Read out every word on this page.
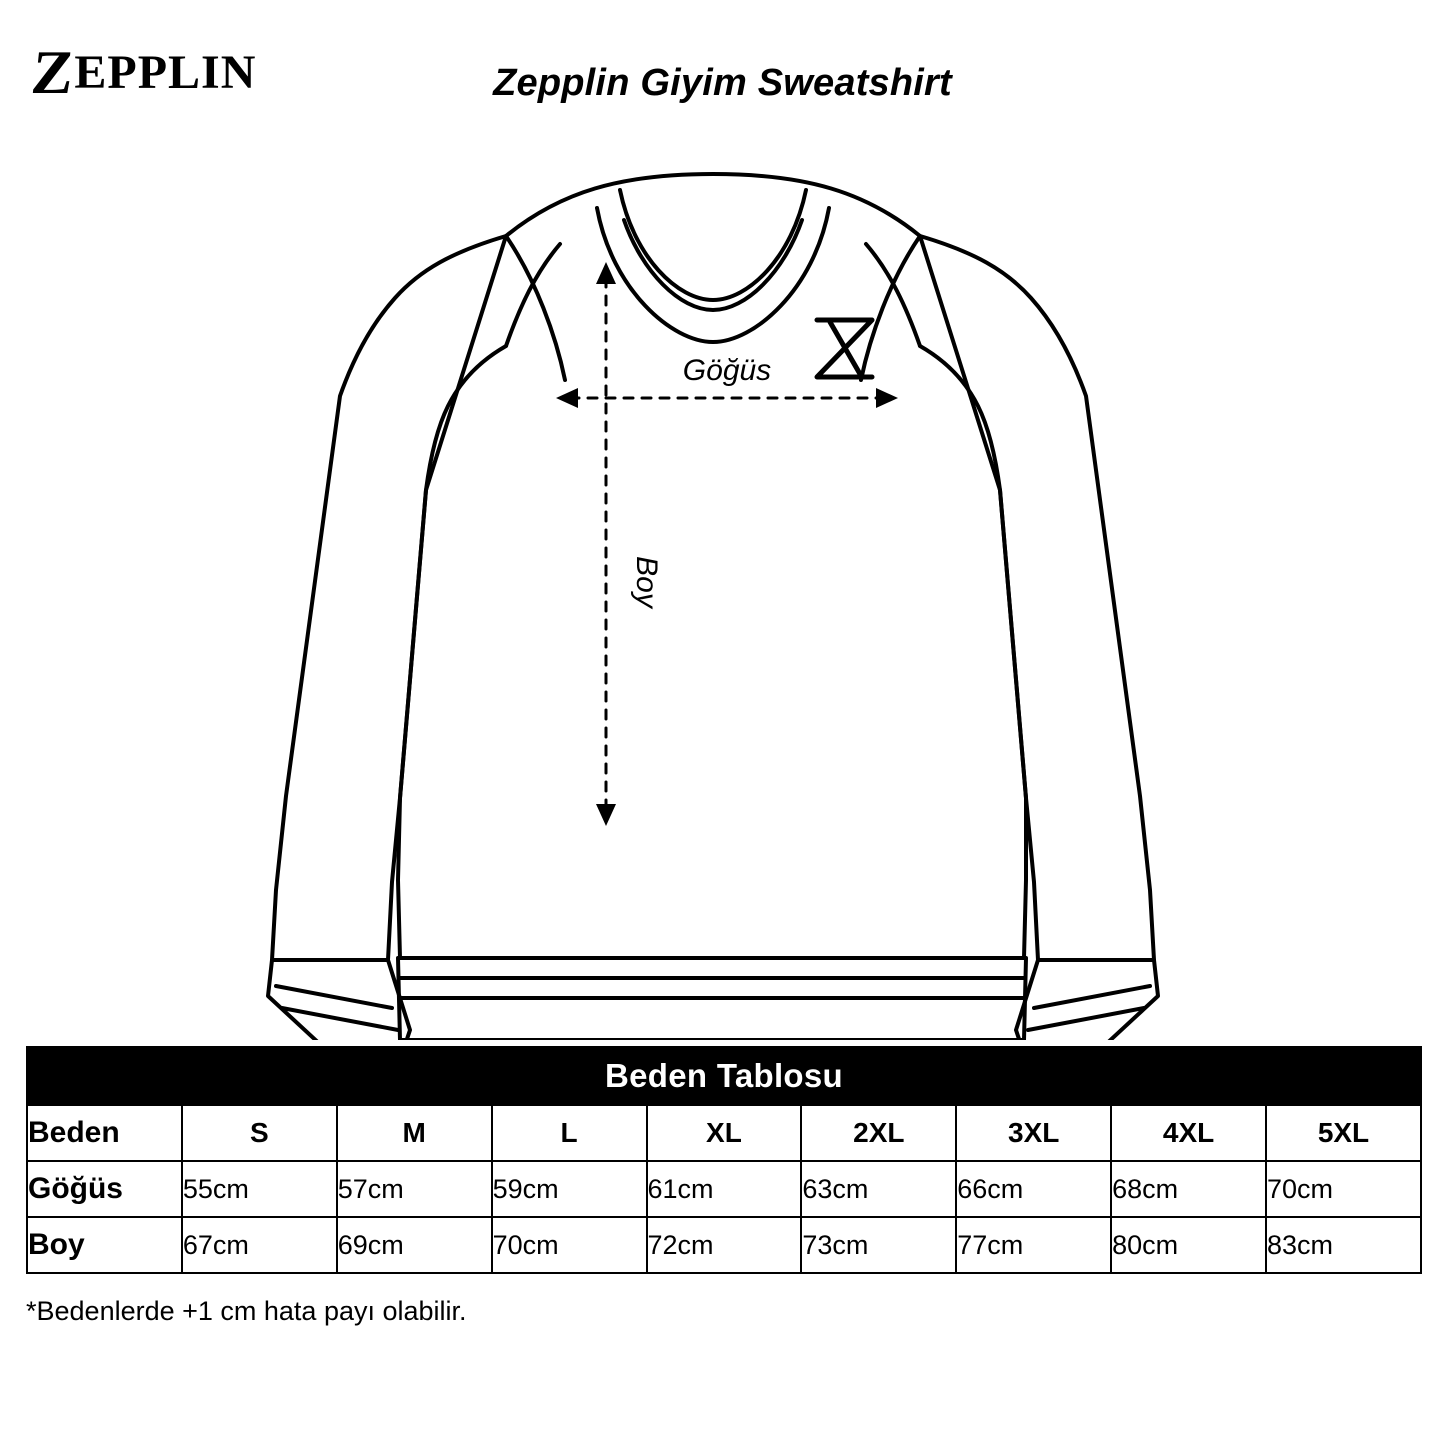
Z
EPPLIN	Zepplin Giyim Sweatshirt
Göğüs
Boy
Beden Tablosu								
Beden	S	M	L	XL	2XL	3XL	4XL	5XL
Göğüs	55cm	57cm	59cm	61cm	63cm	66cm	68cm	70cm
Boy	67cm	69cm	70cm	72cm	73cm	77cm	80cm	83cm
*Bedenlerde +1 cm hata payı olabilir.
